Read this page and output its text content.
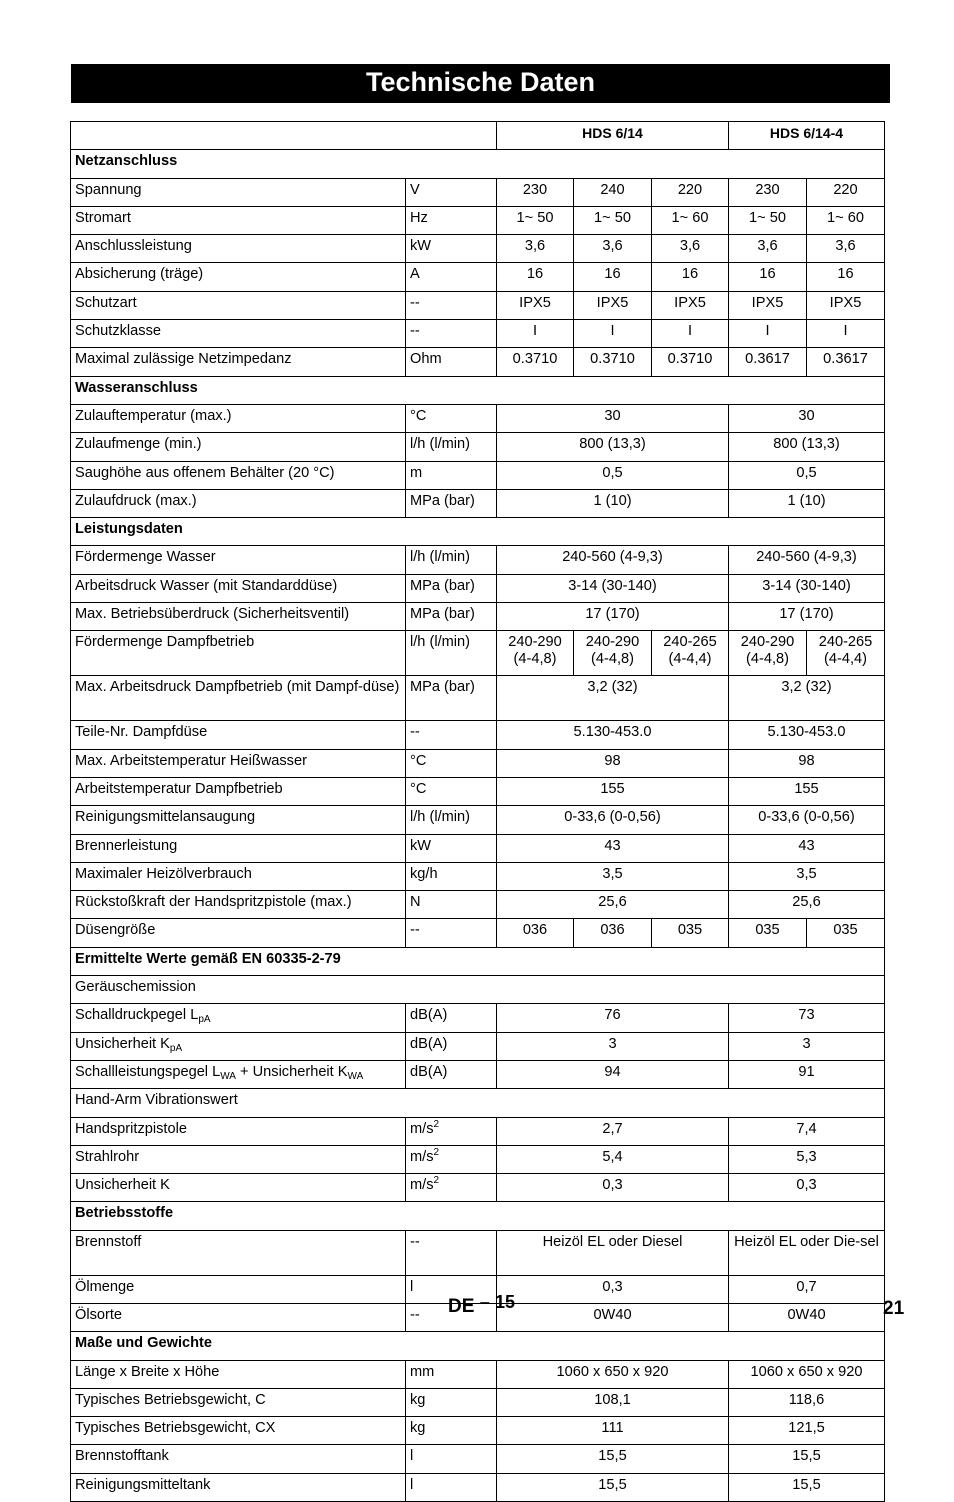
Technische Daten
		HDS 6/14			HDS 6/14-4	
Netzanschluss						
Spannung	V	230	240	220	230	220
Stromart	Hz	1~ 50	1~ 50	1~ 60	1~ 50	1~ 60
Anschlussleistung	kW	3,6	3,6	3,6	3,6	3,6
Absicherung (träge)	A	16	16	16	16	16
Schutzart	--	IPX5	IPX5	IPX5	IPX5	IPX5
Schutzklasse	--	I	I	I	I	I
Maximal zulässige Netzimpedanz	Ohm	0.3710	0.3710	0.3710	0.3617	0.3617
Wasseranschluss						
Zulauftemperatur (max.)	°C	30			30	
Zulaufmenge (min.)	l/h (l/min)	800 (13,3)			800 (13,3)	
Saughöhe aus offenem Behälter (20 °C)	m	0,5			0,5	
Zulaufdruck (max.)	MPa (bar)	1 (10)			1 (10)	
Leistungsdaten						
Fördermenge Wasser	l/h (l/min)	240-560 (4-9,3)			240-560 (4-9,3)	
Arbeitsdruck Wasser (mit Standarddüse)	MPa (bar)	3-14 (30-140)			3-14 (30-140)	
Max. Betriebsüberdruck (Sicherheitsventil)	MPa (bar)	17 (170)			17 (170)	
Fördermenge Dampfbetrieb	l/h (l/min)	240-290 (4-4,8)	240-290 (4-4,8)	240-265 (4-4,4)	240-290 (4-4,8)	240-265 (4-4,4)
Max. Arbeitsdruck Dampfbetrieb (mit Dampf-düse)	MPa (bar)	3,2 (32)			3,2 (32)	
Teile-Nr. Dampfdüse	--	5.130-453.0			5.130-453.0	
Max. Arbeitstemperatur Heißwasser	°C	98			98	
Arbeitstemperatur Dampfbetrieb	°C	155			155	
Reinigungsmittelansaugung	l/h (l/min)	0-33,6 (0-0,56)			0-33,6 (0-0,56)	
Brennerleistung	kW	43			43	
Maximaler Heizölverbrauch	kg/h	3,5			3,5	
Rückstoßkraft der Handspritzpistole (max.)	N	25,6			25,6	
Düsengröße	--	036	036	035	035	035
Ermittelte Werte gemäß EN 60335-2-79						
Geräuschemission						
Schalldruckpegel $L_{pA}$	dB(A)	76			73	
Unsicherheit $K_{pA}$	dB(A)	3			3	
Schallleistungspegel $L_{WA}$ + Unsicherheit $K_{WA}$	dB(A)	94			91	
Hand-Arm Vibrationswert						
Handspritzpistole	$m/s^2$	2,7			7,4	
Strahlrohr	$m/s^2$	5,4			5,3	
Unsicherheit K	$m/s^2$	0,3			0,3	
Betriebsstoffe						
Brennstoff	--	Heizöl EL oder Diesel			Heizöl EL oder Die-sel	
Ölmenge	l	0,3			0,7	
Ölsorte	--	0W40			0W40	
Maße und Gewichte						
Länge x Breite x Höhe	mm	1060 x 650 x 920			1060 x 650 x 920	
Typisches Betriebsgewicht, C	kg	108,1			118,6	
Typisches Betriebsgewicht, CX	kg	111			121,5	
Brennstofftank	l	15,5			15,5	
Reinigungsmitteltank	l	15,5			15,5	
DE – 15	21
